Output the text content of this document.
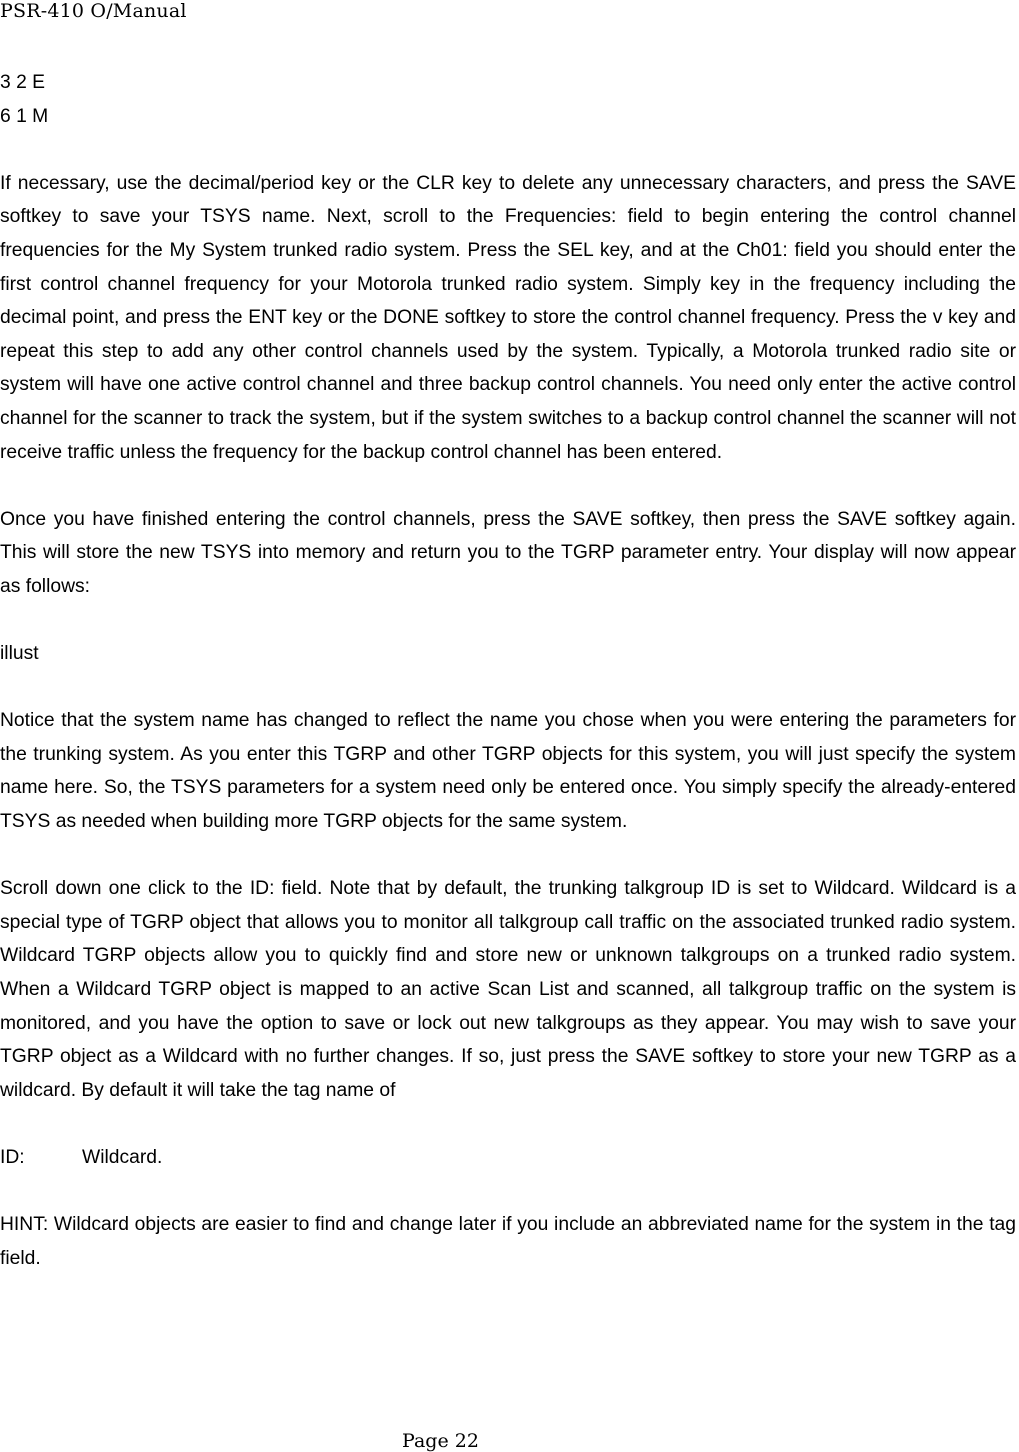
PSR-410 O/Manual

3 2 E

6 1 M

If necessary, use the decimal/period key or the CLR key to delete any unnecessary characters, and press the SAVE softkey to save your TSYS name. Next, scroll to the Frequencies: field to begin entering the control channel frequencies for the My System trunked radio system. Press the SEL key, and at the Ch01: field you should enter the first control channel frequency for your Motorola trunked radio system. Simply key in the frequency including the decimal point, and press the ENT key or the DONE softkey to store the control channel frequency. Press the v key and repeat this step to add any other control channels used by the system. Typically, a Motorola trunked radio site or system will have one active control channel and three backup control channels. You need only enter the active control channel for the scanner to track the system, but if the system switches to a backup control channel the scanner will not receive traffic unless the frequency for the backup control channel has been entered.

Once you have finished entering the control channels, press the SAVE softkey, then press the SAVE softkey again. This will store the new TSYS into memory and return you to the TGRP parameter entry. Your display will now appear as follows:

illust

Notice that the system name has changed to reflect the name you chose when you were entering the parameters for the trunking system. As you enter this TGRP and other TGRP objects for this system, you will just specify the system name here. So, the TSYS parameters for a system need only be entered once. You simply specify the already-entered TSYS as needed when building more TGRP objects for the same system.

Scroll down one click to the ID: field. Note that by default, the trunking talkgroup ID is set to Wildcard. Wildcard is a special type of TGRP object that allows you to monitor all talkgroup call traffic on the associated trunked radio system. Wildcard TGRP objects allow you to quickly find and store new or unknown talkgroups on a trunked radio system. When a Wildcard TGRP object is mapped to an active Scan List and scanned, all talkgroup traffic on the system is monitored, and you have the option to save or lock out new talkgroups as they appear. You may wish to save your TGRP object as a Wildcard with no further changes. If so, just press the SAVE softkey to store your new TGRP as a wildcard. By default it will take the tag name of

ID:	Wildcard.

HINT: Wildcard objects are easier to find and change later if you include an abbreviated name for the system in the tag field.

Page 22
